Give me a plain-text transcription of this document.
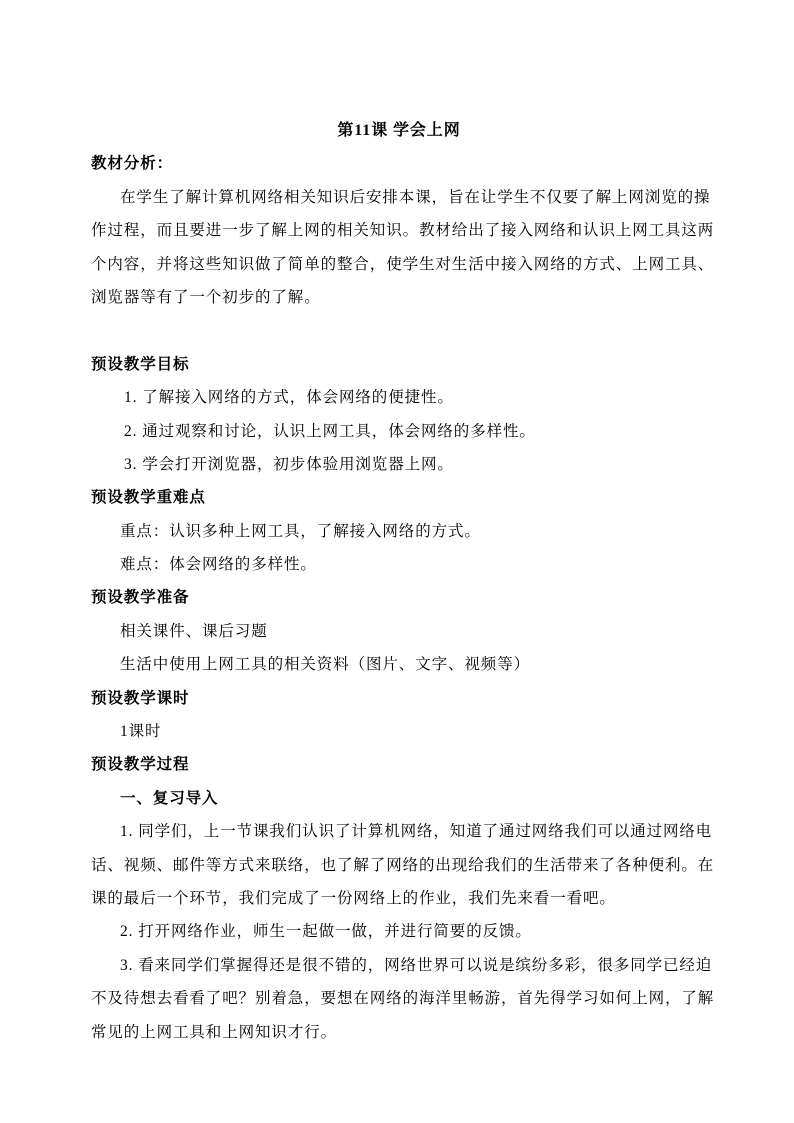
第11课 学会上网
教材分析：
在学生了解计算机网络相关知识后安排本课，旨在让学生不仅要了解上网浏览的操
作过程，而且要进一步了解上网的相关知识。教材给出了接入网络和认识上网工具这两
个内容，并将这些知识做了简单的整合，使学生对生活中接入网络的方式、上网工具、
浏览器等有了一个初步的了解。
预设教学目标
1. 了解接入网络的方式，体会网络的便捷性。
2. 通过观察和讨论，认识上网工具，体会网络的多样性。
3. 学会打开浏览器，初步体验用浏览器上网。
预设教学重难点
重点：认识多种上网工具，了解接入网络的方式。
难点：体会网络的多样性。
预设教学准备
相关课件、课后习题
生活中使用上网工具的相关资料（图片、文字、视频等）
预设教学课时
1课时
预设教学过程
一、复习导入
1. 同学们，上一节课我们认识了计算机网络，知道了通过网络我们可以通过网络电
话、视频、邮件等方式来联络，也了解了网络的出现给我们的生活带来了各种便利。在
课的最后一个环节，我们完成了一份网络上的作业，我们先来看一看吧。
2. 打开网络作业，师生一起做一做，并进行简要的反馈。
3. 看来同学们掌握得还是很不错的，网络世界可以说是缤纷多彩，很多同学已经迫
不及待想去看看了吧？别着急，要想在网络的海洋里畅游，首先得学习如何上网，了解
常见的上网工具和上网知识才行。
